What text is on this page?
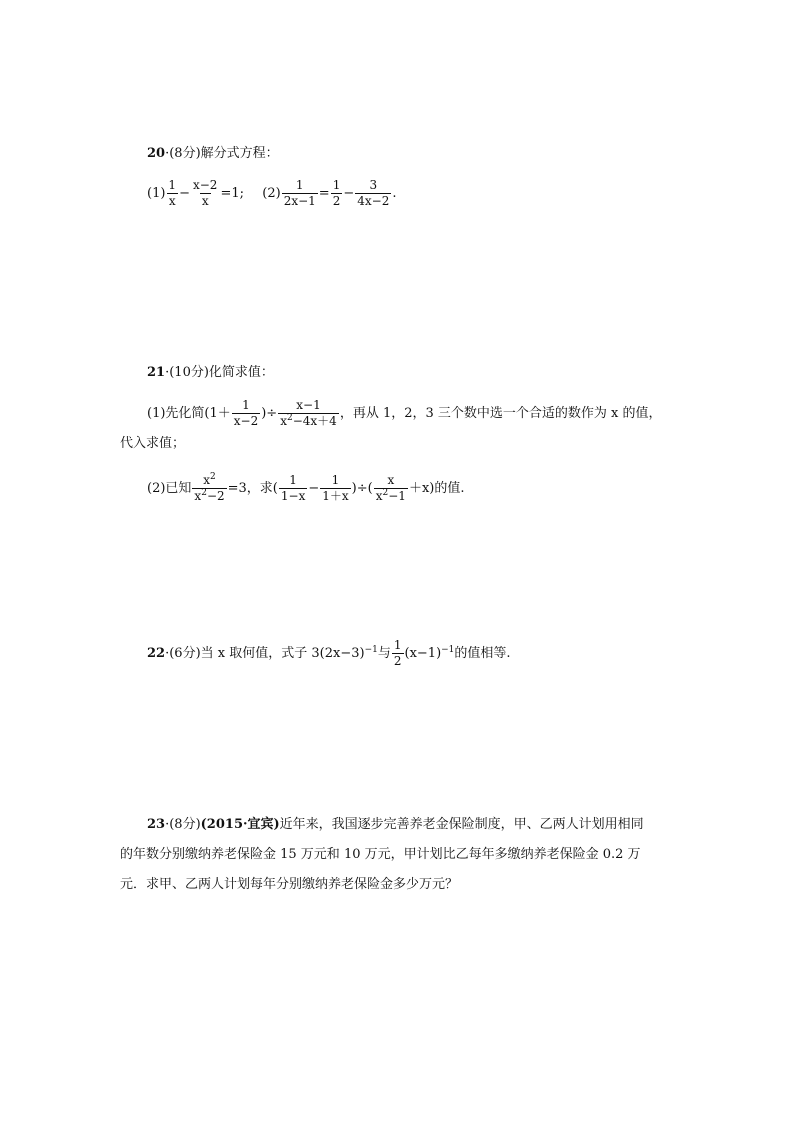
20·(8分)解分式方程：
$(1) \frac{1}{x} - \frac{x-2}{x} =1$; $(2) \frac{1}{2x-1} = \frac{1}{2} - \frac{3}{4x-2}$ .
21·(10分)化简求值：
(1)先化简($1+ \frac{1}{x-2}$ )÷ $\frac{x-1}{x^2-4x+4}$ ，再从 1，2，3 三个数中选一个合适的数作为 x 的值，
代入求值；
(2)已知 $\frac{x^2}{x^2-2} =3$，求( $\frac{1}{1-x} - \frac{1}{1+x}$ )÷( $\frac{x}{x^2-1} +x$)的值.
22·(6分)当 x 取何值，式子 $3(2x-3)^{-1}$与 $\frac{1}{2} (x-1)^{-1}$的值相等.
23·(8分)(2015·宜宾)近年来，我国逐步完善养老金保险制度，甲、乙两人计划用相同
的年数分别缴纳养老保险金 15 万元和 10 万元，甲计划比乙每年多缴纳养老保险金 0.2 万
元．求甲、乙两人计划每年分别缴纳养老保险金多少万元？
